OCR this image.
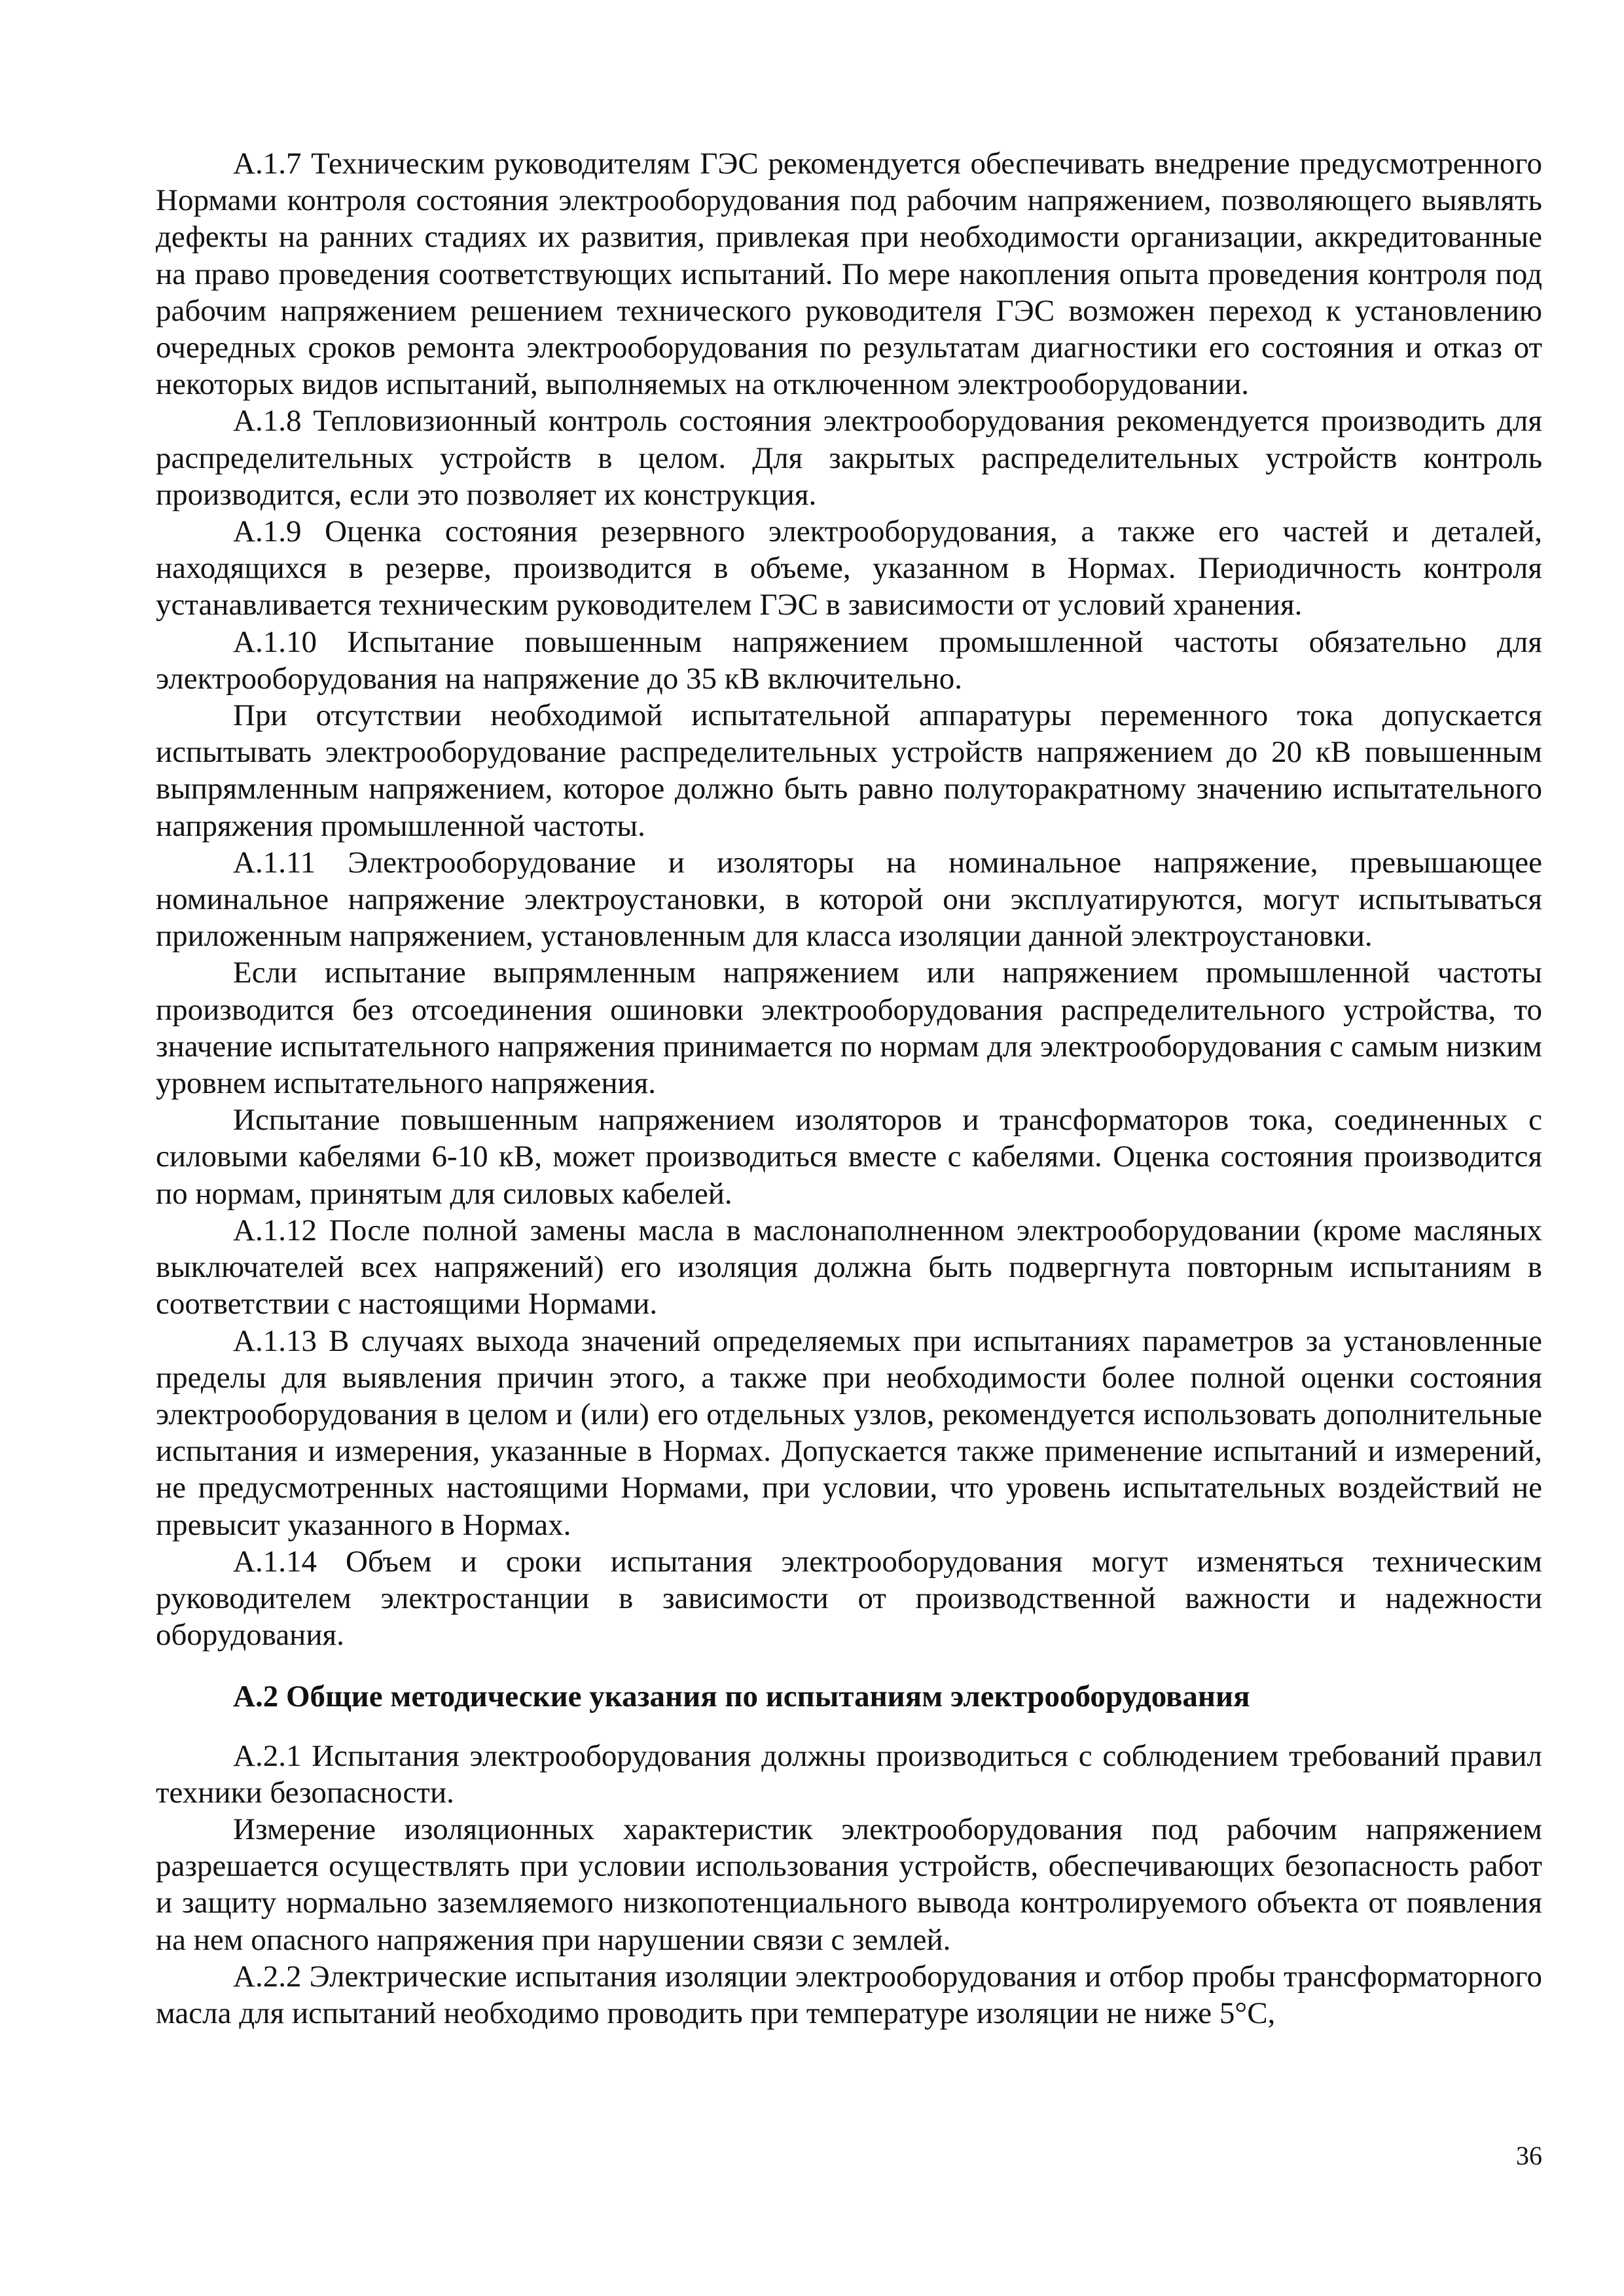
А.1.7 Техническим руководителям ГЭС рекомендуется обеспечивать внедрение предусмотренного Нормами контроля состояния электрооборудования под рабочим напряжением, позволяющего выявлять дефекты на ранних стадиях их развития, привлекая при необходимости организации, аккредитованные на право проведения соответствующих испытаний. По мере накопления опыта проведения контроля под рабочим напряжением решением технического руководителя ГЭС возможен переход к установлению очередных сроков ремонта электрооборудования по результатам диагностики его состояния и отказ от некоторых видов испытаний, выполняемых на отключенном электрооборудовании.

А.1.8 Тепловизионный контроль состояния электрооборудования рекомендуется производить для распределительных устройств в целом. Для закрытых распределительных устройств контроль производится, если это позволяет их конструкция.

А.1.9 Оценка состояния резервного электрооборудования, а также его частей и деталей, находящихся в резерве, производится в объеме, указанном в Нормах. Периодичность контроля устанавливается техническим руководителем ГЭС в зависимости от условий хранения.

А.1.10 Испытание повышенным напряжением промышленной частоты обязательно для электрооборудования на напряжение до 35 кВ включительно.

При отсутствии необходимой испытательной аппаратуры переменного тока допускается испытывать электрооборудование распределительных устройств напряжением до 20 кВ повышенным выпрямленным напряжением, которое должно быть равно полуторакратному значению испытательного напряжения промышленной частоты.

А.1.11 Электрооборудование и изоляторы на номинальное напряжение, превышающее номинальное напряжение электроустановки, в которой они эксплуатируются, могут испытываться приложенным напряжением, установленным для класса изоляции данной электроустановки.

Если испытание выпрямленным напряжением или напряжением промышленной частоты производится без отсоединения ошиновки электрооборудования распределительного устройства, то значение испытательного напряжения принимается по нормам для электрооборудования с самым низким уровнем испытательного напряжения.

Испытание повышенным напряжением изоляторов и трансформаторов тока, соединенных с силовыми кабелями 6-10 кВ, может производиться вместе с кабелями. Оценка состояния производится по нормам, принятым для силовых кабелей.

А.1.12 После полной замены масла в маслонаполненном электрооборудовании (кроме масляных выключателей всех напряжений) его изоляция должна быть подвергнута повторным испытаниям в соответствии с настоящими Нормами.

А.1.13 В случаях выхода значений определяемых при испытаниях параметров за установленные пределы для выявления причин этого, а также при необходимости более полной оценки состояния электрооборудования в целом и (или) его отдельных узлов, рекомендуется использовать дополнительные испытания и измерения, указанные в Нормах. Допускается также применение испытаний и измерений, не предусмотренных настоящими Нормами, при условии, что уровень испытательных воздействий не превысит указанного в Нормах.

А.1.14 Объем и сроки испытания электрооборудования могут изменяться техническим руководителем электростанции в зависимости от производственной важности и надежности оборудования.

А.2 Общие методические указания по испытаниям электрооборудования

А.2.1 Испытания электрооборудования должны производиться с соблюдением требований правил техники безопасности.

Измерение изоляционных характеристик электрооборудования под рабочим напряжением разрешается осуществлять при условии использования устройств, обеспечивающих безопасность работ и защиту нормально заземляемого низкопотенциального вывода контролируемого объекта от появления на нем опасного напряжения при нарушении связи с землей.

А.2.2 Электрические испытания изоляции электрооборудования и отбор пробы трансформаторного масла для испытаний необходимо проводить при температуре изоляции не ниже 5°C,

36
